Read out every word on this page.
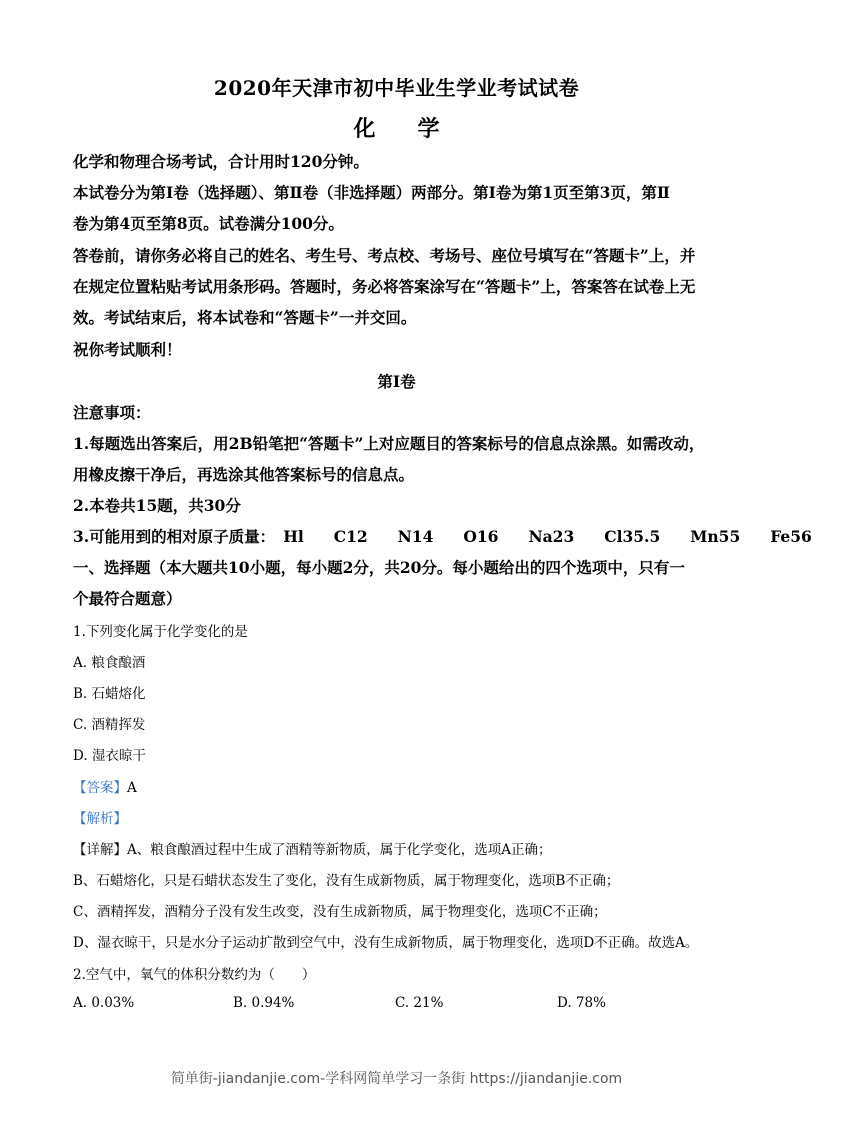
2020年天津市初中毕业生学业考试试卷
化 学
化学和物理合场考试，合计用时120分钟。
本试卷分为第Ⅰ卷（选择题）、第Ⅱ卷（非选择题）两部分。第Ⅰ卷为第1页至第3页，第Ⅱ
卷为第4页至第8页。试卷满分100分。
答卷前，请你务必将自己的姓名、考生号、考点校、考场号、座位号填写在“答题卡”上，并
在规定位置粘贴考试用条形码。答题时，务必将答案涂写在“答题卡”上，答案答在试卷上无
效。考试结束后，将本试卷和“答题卡”一并交回。
祝你考试顺利！
第Ⅰ卷
注意事项：
1.每题选出答案后，用2B铅笔把“答题卡”上对应题目的答案标号的信息点涂黑。如需改动，
用橡皮擦干净后，再选涂其他答案标号的信息点。
2.本卷共15题，共30分
3.可能用到的相对原子质量： Hl C12 N14 O16 Na23 Cl35.5 Mn55 Fe56
一、选择题（本大题共10小题，每小题2分，共20分。每小题给出的四个选项中，只有一
个最符合题意）
1.下列变化属于化学变化的是
A. 粮食酿酒
B. 石蜡熔化
C. 酒精挥发
D. 湿衣晾干
【答案】A
【解析】
【详解】A、粮食酿酒过程中生成了酒精等新物质，属于化学变化，选项A正确；
B、石蜡熔化，只是石蜡状态发生了变化，没有生成新物质，属于物理变化，选项B不正确；
C、酒精挥发，酒精分子没有发生改变，没有生成新物质，属于物理变化，选项C不正确；
D、湿衣晾干，只是水分子运动扩散到空气中，没有生成新物质，属于物理变化，选项D不正确。故选A。
2.空气中，氧气的体积分数约为（　　）
A. 0.03%	B. 0.94%	C. 21%	D. 78%
简单街-jiandanjie.com-学科网简单学习一条街 https://jiandanjie.com
